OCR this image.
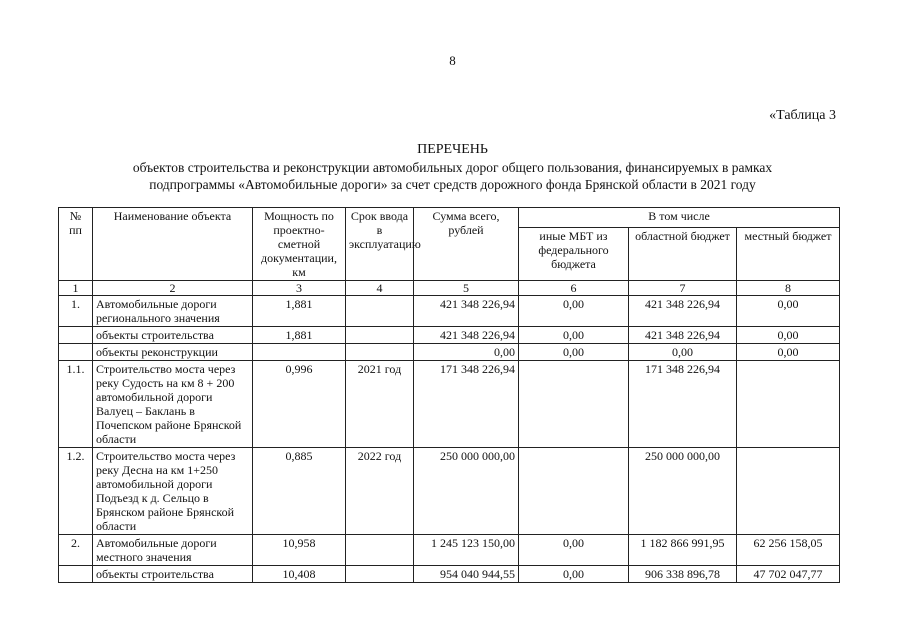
8
«Таблица 3
ПЕРЕЧЕНЬ
объектов строительства и реконструкции автомобильных дорог общего пользования, финансируемых в рамках
подпрограммы «Автомобильные дороги» за счет средств дорожного фонда Брянской области в 2021 году
№ пп	Наименование объекта	Мощность по проектно-сметной документации, км	Срок ввода в эксплуатацию	Сумма всего, рублей	В том числе		
					иные МБТ из федерального бюджета	областной бюджет	местный бюджет
1	2	3	4	5	6	7	8
1.	Автомобильные дороги регионального значения	1,881		421 348 226,94	0,00	421 348 226,94	0,00
	объекты строительства	1,881		421 348 226,94	0,00	421 348 226,94	0,00
	объекты реконструкции			0,00	0,00	0,00	0,00
1.1.	Строительство моста через реку Судость на км 8 + 200 автомобильной дороги Валуец – Баклань в Почепском районе Брянской области	0,996	2021 год	171 348 226,94		171 348 226,94	
1.2.	Строительство моста через реку Десна на км 1+250 автомобильной дороги Подъезд к д. Сельцо в Брянском районе Брянской области	0,885	2022 год	250 000 000,00		250 000 000,00	
2.	Автомобильные дороги местного значения	10,958		1 245 123 150,00	0,00	1 182 866 991,95	62 256 158,05
	объекты строительства	10,408		954 040 944,55	0,00	906 338 896,78	47 702 047,77
